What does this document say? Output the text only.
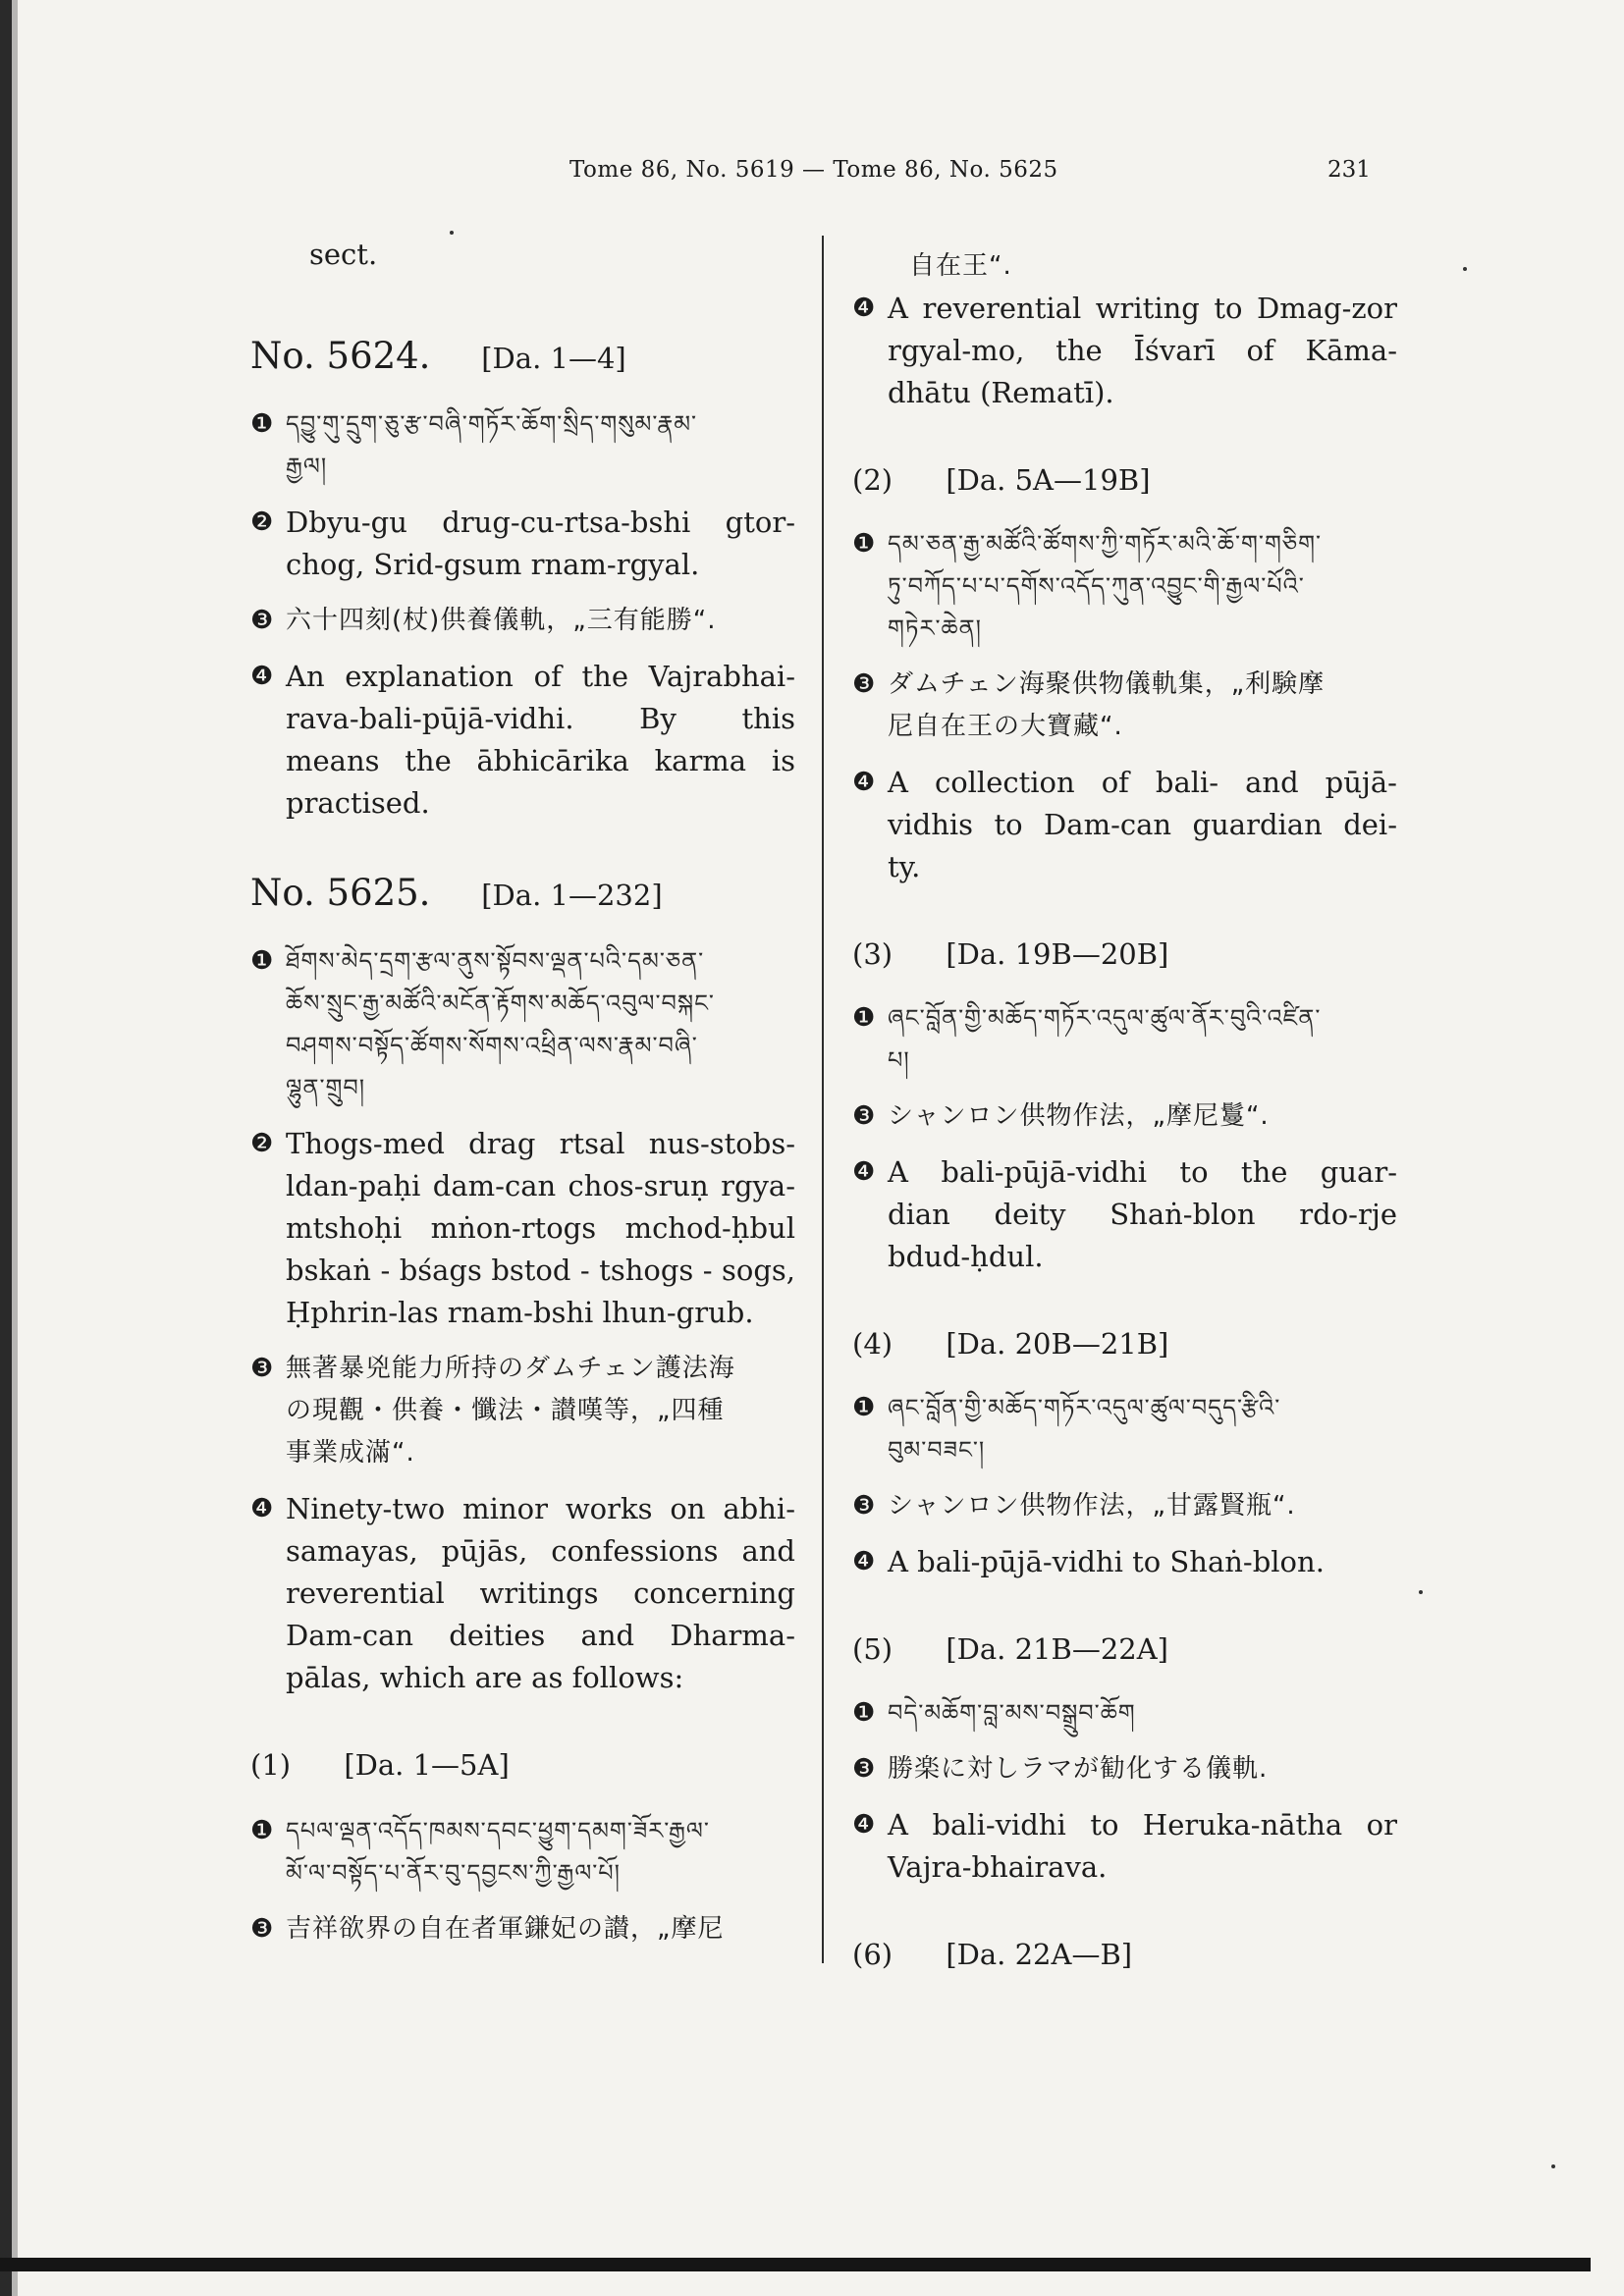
Tome 86, No. 5619 — Tome 86, No. 5625	231
sect.
No. 5624. [Da. 1—4]
❶ དབྱུ་གུ་དྲུག་ཅུ་རྩ་བཞི་གཏོར་ཆོག་སྲིད་གསུམ་རྣམ་
རྒྱལ།
❷ Dbyu-gu drug-cu-rtsa-bshi gtor-
chog, Srid-gsum rnam-rgyal.
❸ 六十四刻(杖)供養儀軌，„三有能勝“.
❹ An explanation of the Vajrabhai-
rava-bali-pūjā-vidhi. By this
means the ābhicārika karma is
practised.
No. 5625. [Da. 1—232]
❶ ཐོགས་མེད་དྲག་རྩལ་ནུས་སྟོབས་ལྡན་པའི་དམ་ཅན་
ཆོས་སྲུང་རྒྱ་མཚོའི་མངོན་རྟོགས་མཆོད་འབུལ་བསྐང་
བཤགས་བསྟོད་ཚོགས་སོགས་འཕྲིན་ལས་རྣམ་བཞི་
ལྷུན་གྲུབ།
❷ Thogs-med drag rtsal nus-stobs-
ldan-paḥi dam-can chos-sruṇ rgya-
mtshoḥi mṅon-rtogs mchod-ḥbul
bskaṅ - bśags bstod - tshogs - sogs,
Ḥphrin-las rnam-bshi lhun-grub.
❸ 無著暴兇能力所持のダムチェン護法海
の現觀・供養・懺法・讃嘆等，„四種
事業成滿“.
❹ Ninety-two minor works on abhi-
samayas, pūjās, confessions and
reverential writings concerning
Dam-can deities and Dharma-
pālas, which are as follows:
(1) [Da. 1—5A]
❶ དཔལ་ལྡན་འདོད་ཁམས་དབང་ཕྱུག་དམག་ཟོར་རྒྱལ་
མོ་ལ་བསྟོད་པ་ནོར་བུ་དབྱངས་ཀྱི་རྒྱལ་པོ།
❸ 吉祥欲界の自在者軍鎌妃の讃，„摩尼
自在王“.
❹ A reverential writing to Dmag-zor
rgyal-mo, the Īśvarī of Kāma-
dhātu (Rematī).
(2) [Da. 5A—19B]
❶ དམ་ཅན་རྒྱ་མཚོའི་ཚོགས་ཀྱི་གཏོར་མའི་ཆོ་ག་གཅིག་
ཏུ་བཀོད་པ་པ་དགོས་འདོད་ཀུན་འབྱུང་གི་རྒྱལ་པོའི་
གཏེར་ཆེན།
❸ ダムチェン海聚供物儀軌集，„利験摩
尼自在王の大寶藏“.
❹ A collection of bali- and pūjā-
vidhis to Dam-can guardian dei-
ty.
(3) [Da. 19B—20B]
❶ ཞང་བློན་གྱི་མཆོད་གཏོར་འདུལ་ཚུལ་ནོར་བུའི་འཛིན་
པ།
❸ シャンロン供物作法，„摩尼鬘“.
❹ A bali-pūjā-vidhi to the guar-
dian deity Shaṅ-blon rdo-rje
bdud-ḥdul.
(4) [Da. 20B—21B]
❶ ཞང་བློན་གྱི་མཆོད་གཏོར་འདུལ་ཚུལ་བདུད་རྩིའི་
བུམ་བཟང་།
❸ シャンロン供物作法，„甘露賢瓶“.
❹ A bali-pūjā-vidhi to Shaṅ-blon.
(5) [Da. 21B—22A]
❶ བདེ་མཆོག་བླ་མས་བསྒྲུབ་ཆོག
❸ 勝楽に対しラマが勧化する儀軌.
❹ A bali-vidhi to Heruka-nātha or
Vajra-bhairava.
(6) [Da. 22A—B]
